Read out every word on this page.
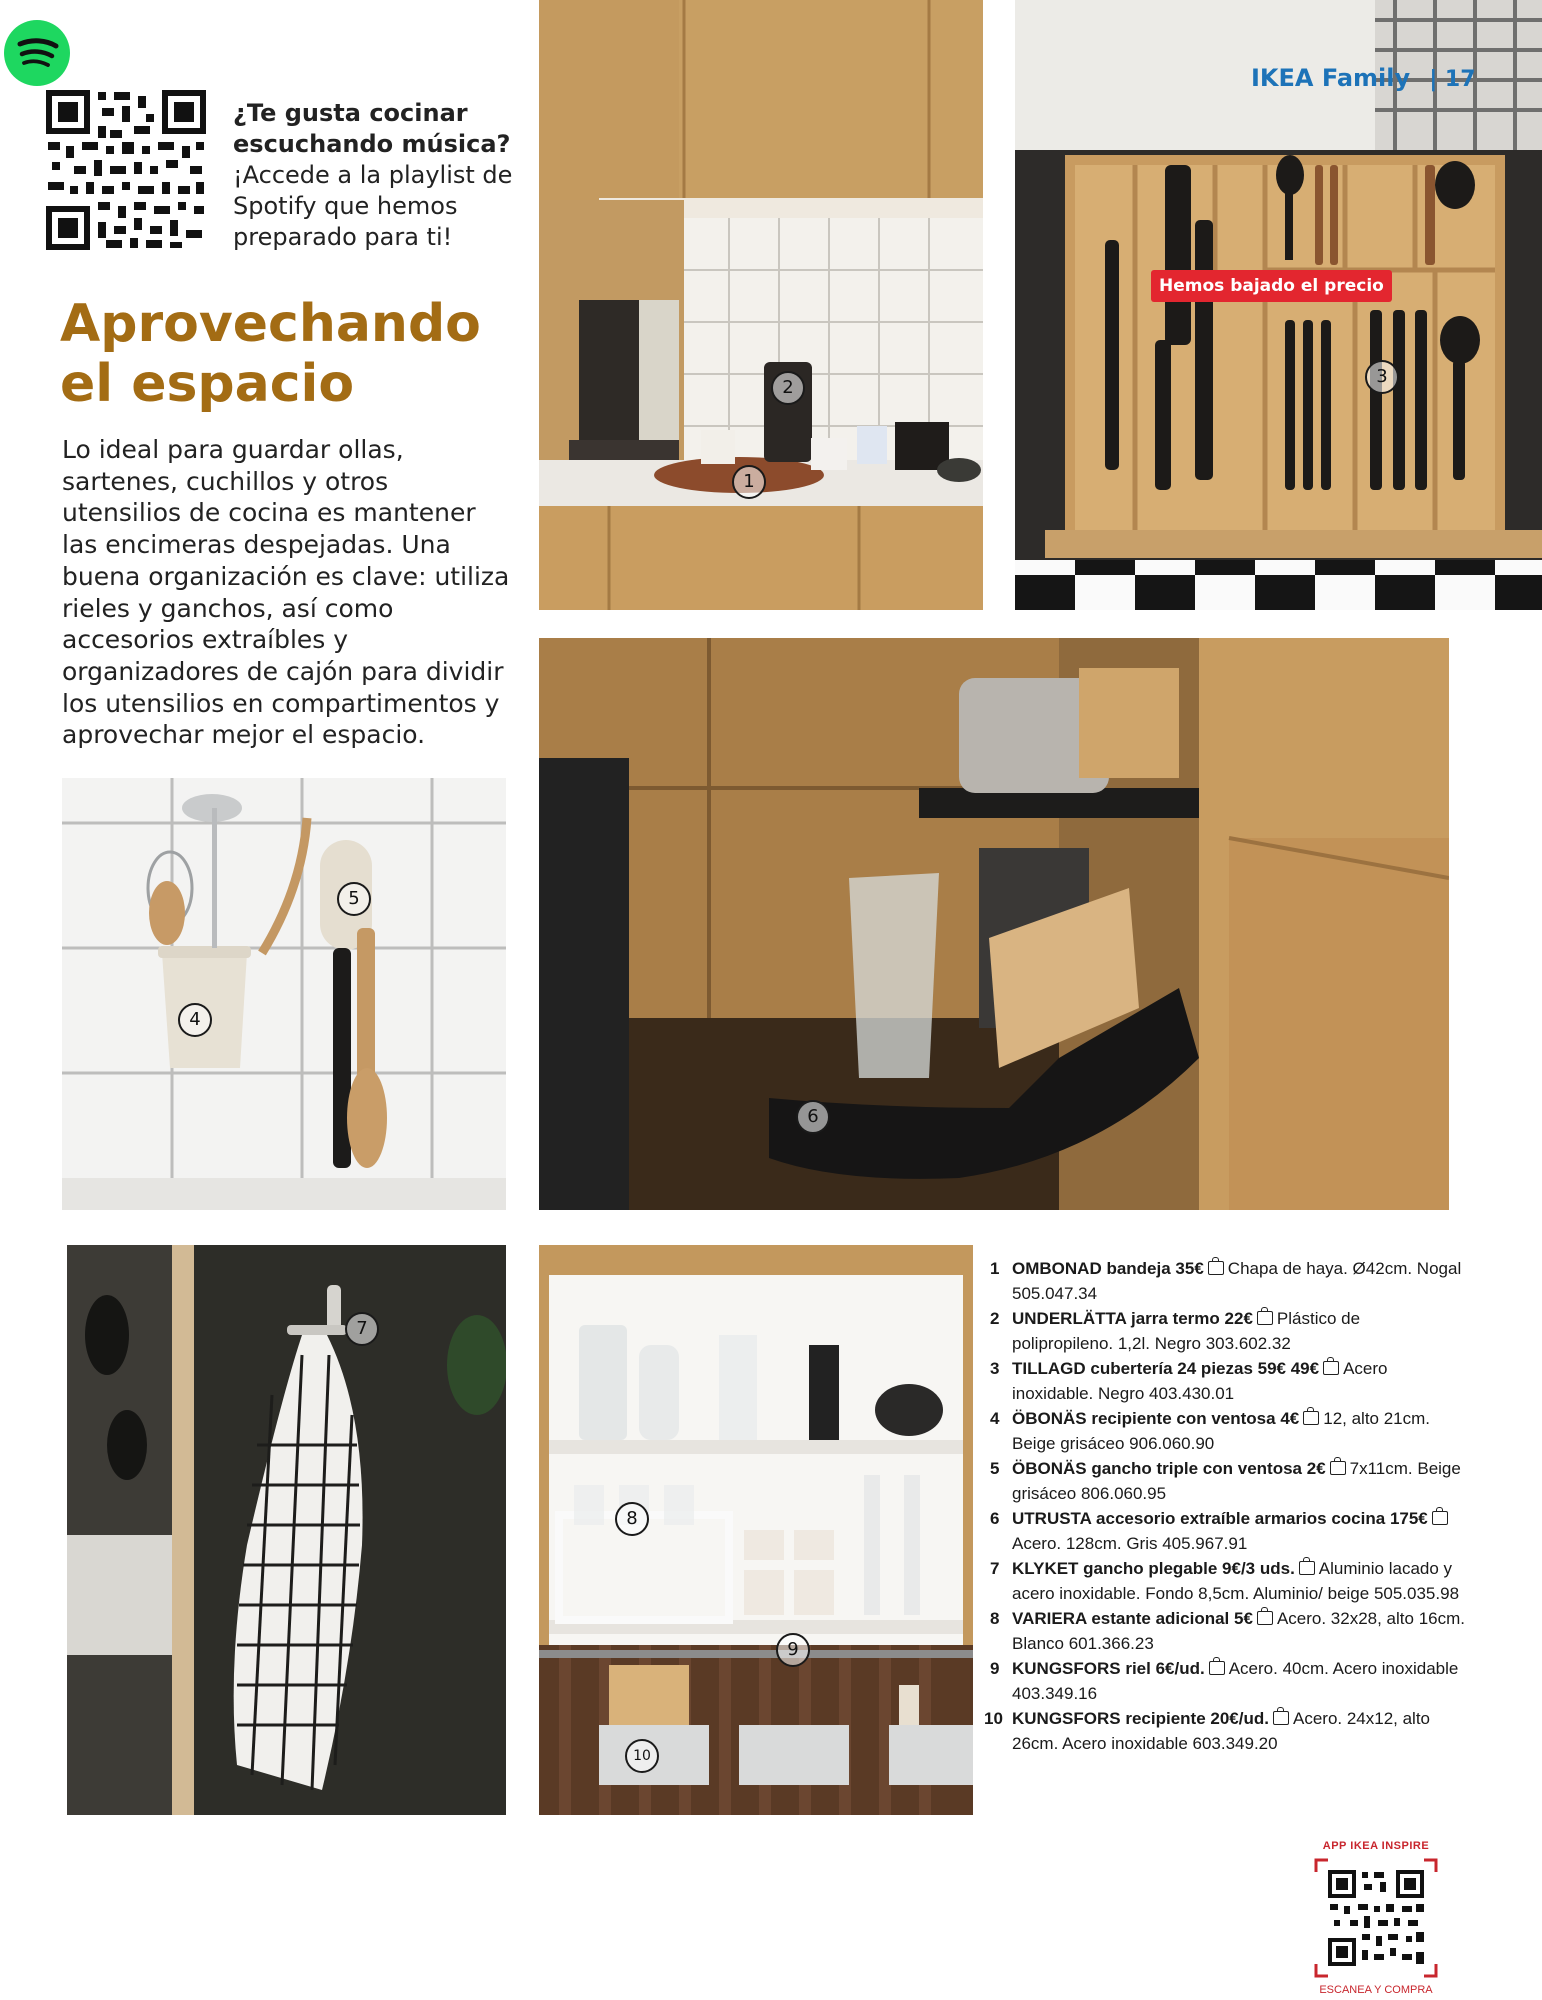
¿Te gusta cocinar escuchando música?
¡Accede a la playlist de Spotify que hemos preparado para ti!
Aprovechando
el espacio
Lo ideal para guardar ollas, sartenes, cuchillos y otros utensilios de cocina es mantener las encimeras despejadas. Una buena organización es clave: utiliza rieles y ganchos, así como accesorios extraíbles y organizadores de cajón para dividir los utensilios en compartimentos y aprovechar mejor el espacio.
1
2
IKEA Family | 17
Hemos bajado el precio
3
4
5
6
7
8
9
10
1 OMBONAD bandeja 35€ Chapa de haya. Ø42cm. Nogal 505.047.34
2 UNDERLÄTTA jarra termo 22€ Plástico de polipropileno. 1,2l. Negro 303.602.32
3 TILLAGD cubertería 24 piezas 59€ 49€ Acero inoxidable. Negro 403.430.01
4 ÖBONÄS recipiente con ventosa 4€ 12, alto 21cm. Beige grisáceo 906.060.90
5 ÖBONÄS gancho triple con ventosa 2€ 7x11cm. Beige grisáceo 806.060.95
6 UTRUSTA accesorio extraíble armarios cocina 175€Acero. 128cm. Gris 405.967.91
7 KLYKET gancho plegable 9€/3 uds. Aluminio lacado y acero inoxidable. Fondo 8,5cm. Aluminio/ beige 505.035.98
8 VARIERA estante adicional 5€ Acero. 32x28, alto 16cm. Blanco 601.366.23
9 KUNGSFORS riel 6€/ud. Acero. 40cm. Acero inoxidable 403.349.16
10 KUNGSFORS recipiente 20€/ud. Acero. 24x12, alto 26cm. Acero inoxidable 603.349.20
APP IKEA INSPIRE
ESCANEA Y COMPRA
